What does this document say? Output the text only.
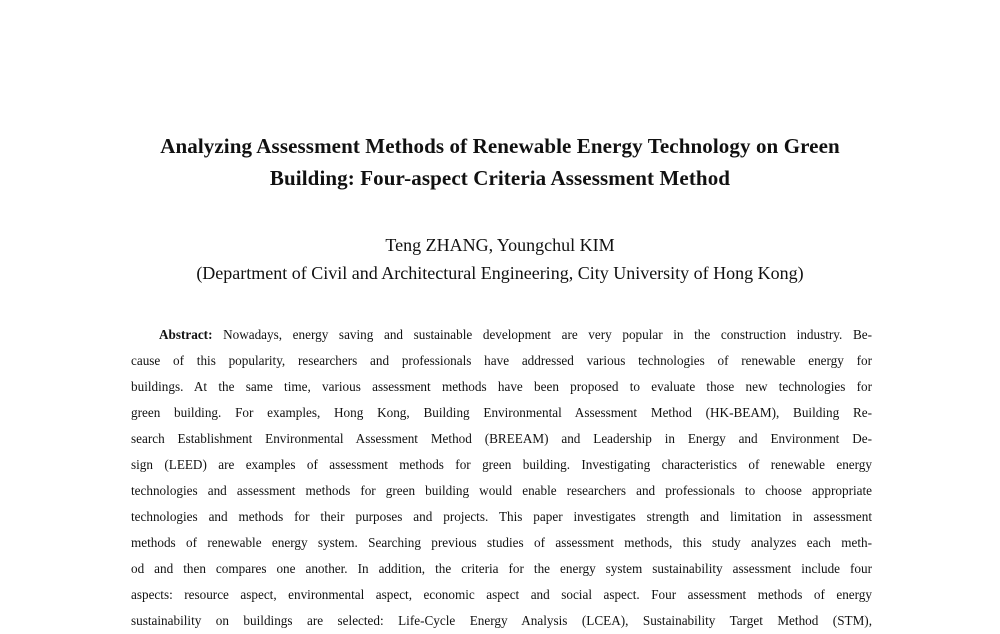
Analyzing Assessment Methods of Renewable Energy Technology on Green
Building: Four-aspect Criteria Assessment Method

Teng ZHANG, Youngchul KIM

(Department of Civil and Architectural Engineering, City University of Hong Kong)

Abstract: Nowadays, energy saving and sustainable development are very popular in the construction industry. Be-
cause of this popularity, researchers and professionals have addressed various technologies of renewable energy for
buildings. At the same time, various assessment methods have been proposed to evaluate those new technologies for
green building. For examples, Hong Kong, Building Environmental Assessment Method (HK-BEAM), Building Re-
search Establishment Environmental Assessment Method (BREEAM) and Leadership in Energy and Environment De-
sign (LEED) are examples of assessment methods for green building. Investigating characteristics of renewable energy
technologies and assessment methods for green building would enable researchers and professionals to choose appropriate
technologies and methods for their purposes and projects. This paper investigates strength and limitation in assessment
methods of renewable energy system. Searching previous studies of assessment methods, this study analyzes each meth-
od and then compares one another. In addition, the criteria for the energy system sustainability assessment include four
aspects: resource aspect, environmental aspect, economic aspect and social aspect. Four assessment methods of energy
sustainability on buildings are selected: Life-Cycle Energy Analysis (LCEA), Sustainability Target Method (STM),
